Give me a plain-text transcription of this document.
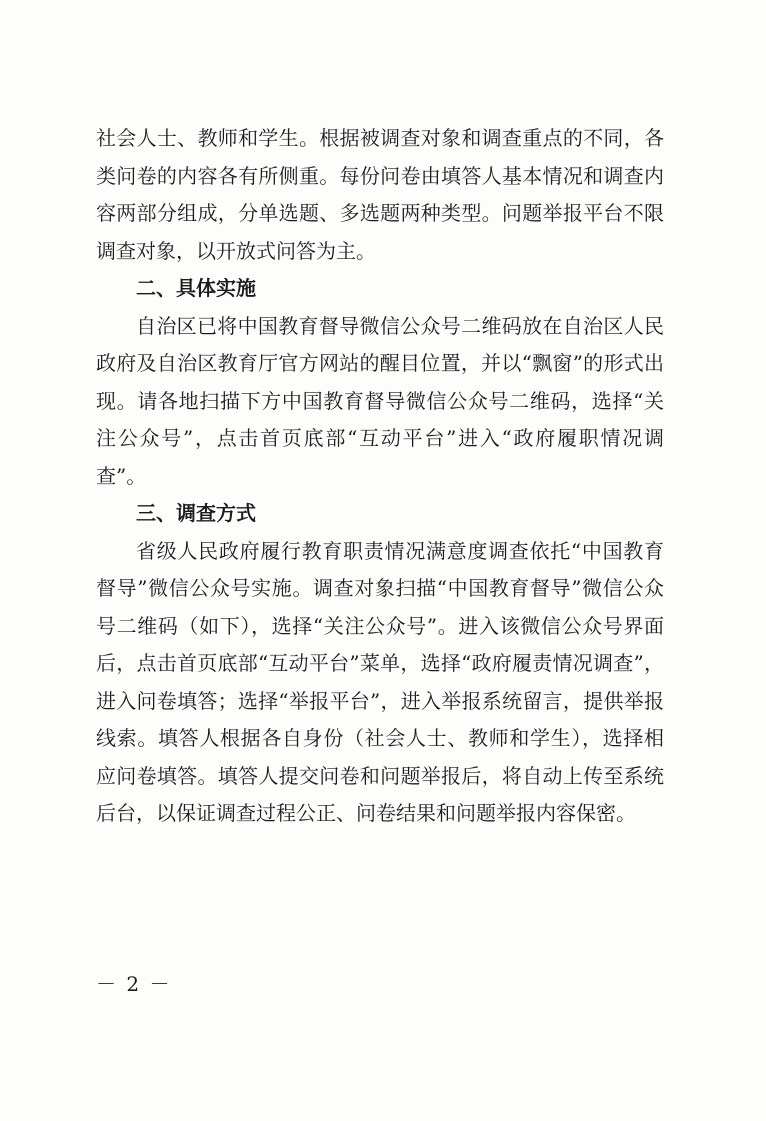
社会人士、教师和学生。根据被调查对象和调查重点的不同，各类问卷的内容各有所侧重。每份问卷由填答人基本情况和调查内容两部分组成，分单选题、多选题两种类型。问题举报平台不限调查对象，以开放式问答为主。

二、具体实施

自治区已将中国教育督导微信公众号二维码放在自治区人民政府及自治区教育厅官方网站的醒目位置，并以“飘窗”的形式出现。请各地扫描下方中国教育督导微信公众号二维码，选择“关注公众号”，点击首页底部“互动平台”进入“政府履职情况调查”。

三、调查方式

省级人民政府履行教育职责情况满意度调查依托“中国教育督导”微信公众号实施。调查对象扫描“中国教育督导”微信公众号二维码（如下），选择“关注公众号”。进入该微信公众号界面后，点击首页底部“互动平台”菜单，选择“政府履责情况调查”，进入问卷填答；选择“举报平台”，进入举报系统留言，提供举报线索。填答人根据各自身份（社会人士、教师和学生），选择相应问卷填答。填答人提交问卷和问题举报后，将自动上传至系统后台，以保证调查过程公正、问卷结果和问题举报内容保密。

－ 2 －
